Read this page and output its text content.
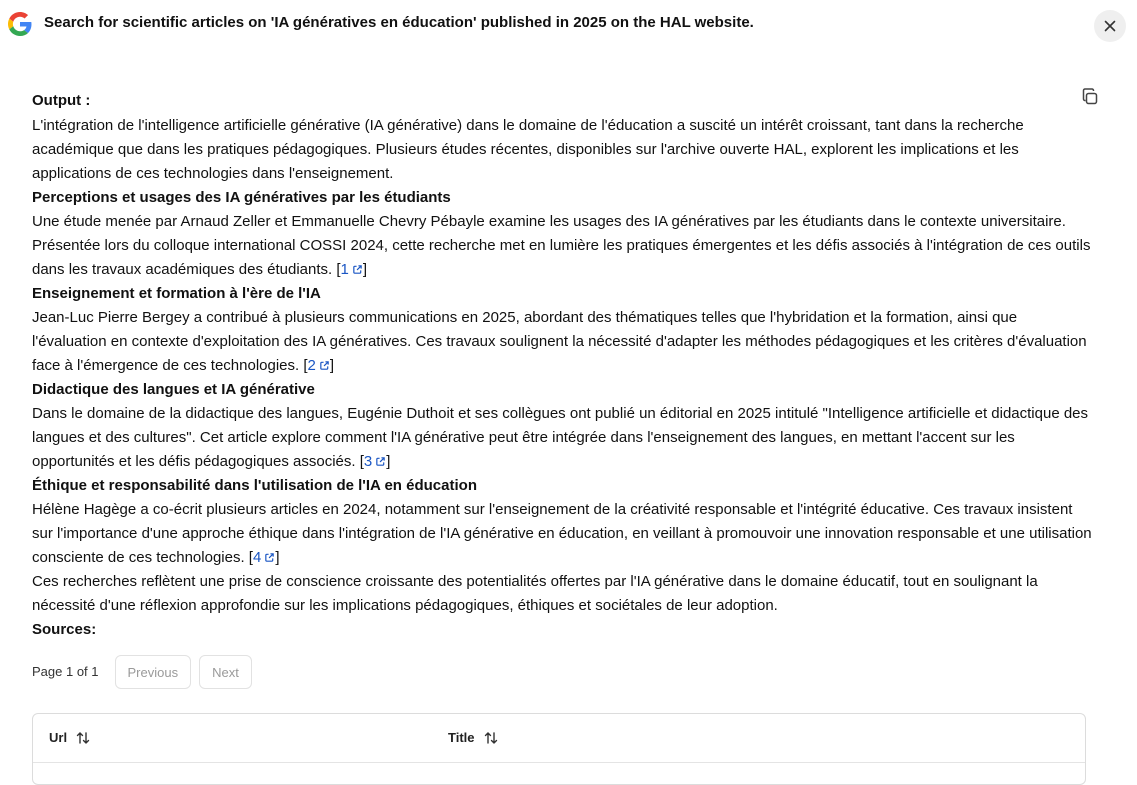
Search for scientific articles on 'IA génératives en éducation' published in 2025 on the HAL website.

Output :

L'intégration de l'intelligence artificielle générative (IA générative) dans le domaine de l'éducation a suscité un intérêt croissant, tant dans la recherche académique que dans les pratiques pédagogiques. Plusieurs études récentes, disponibles sur l'archive ouverte HAL, explorent les implications et les applications de ces technologies dans l'enseignement.

Perceptions et usages des IA génératives par les étudiants

Une étude menée par Arnaud Zeller et Emmanuelle Chevry Pébayle examine les usages des IA génératives par les étudiants dans le contexte universitaire. Présentée lors du colloque international COSSI 2024, cette recherche met en lumière les pratiques émergentes et les défis associés à l'intégration de ces outils dans les travaux académiques des étudiants. [1 ]

Enseignement et formation à l'ère de l'IA

Jean-Luc Pierre Bergey a contribué à plusieurs communications en 2025, abordant des thématiques telles que l'hybridation et la formation, ainsi que l'évaluation en contexte d'exploitation des IA génératives. Ces travaux soulignent la nécessité d'adapter les méthodes pédagogiques et les critères d'évaluation face à l'émergence de ces technologies. [2 ]

Didactique des langues et IA générative

Dans le domaine de la didactique des langues, Eugénie Duthoit et ses collègues ont publié un éditorial en 2025 intitulé "Intelligence artificielle et didactique des langues et des cultures". Cet article explore comment l'IA générative peut être intégrée dans l'enseignement des langues, en mettant l'accent sur les opportunités et les défis pédagogiques associés. [3 ]

Éthique et responsabilité dans l'utilisation de l'IA en éducation

Hélène Hagège a co-écrit plusieurs articles en 2024, notamment sur l'enseignement de la créativité responsable et l'intégrité éducative. Ces travaux insistent sur l'importance d'une approche éthique dans l'intégration de l'IA générative en éducation, en veillant à promouvoir une innovation responsable et une utilisation consciente de ces technologies. [4 ]

Ces recherches reflètent une prise de conscience croissante des potentialités offertes par l'IA générative dans le domaine éducatif, tout en soulignant la nécessité d'une réflexion approfondie sur les implications pédagogiques, éthiques et sociétales de leur adoption.

Sources:

Page 1 of 1	Previous	Next
Url	Title
